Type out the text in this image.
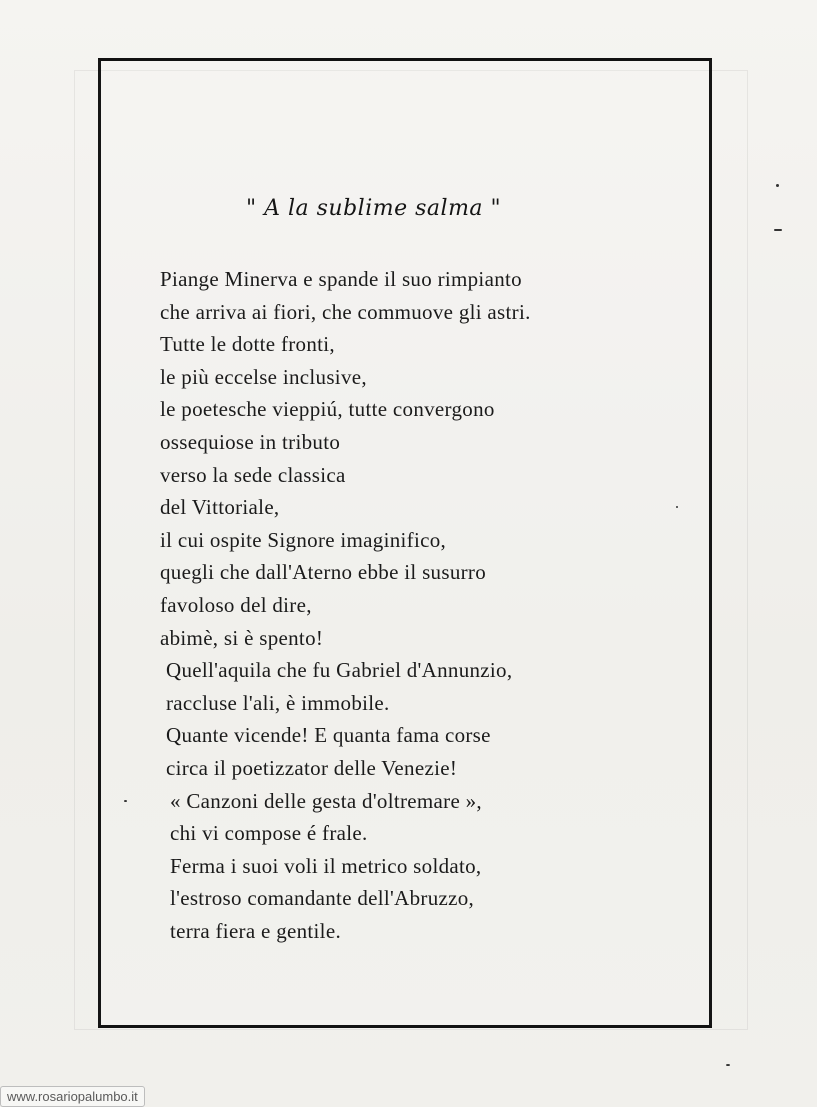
" A la sublime salma "
Piange Minerva e spande il suo rimpianto
che arriva ai fiori, che commuove gli astri.
Tutte le dotte fronti,
le più eccelse inclusive,
le poetesche vieppiú, tutte convergono
ossequiose in tributo
verso la sede classica
del Vittoriale,
il cui ospite Signore imaginifico,
quegli che dall'Aterno ebbe il susurro
favoloso del dire,
abimè, si è spento!
Quell'aquila che fu Gabriel d'Annunzio,
raccluse l'ali, è immobile.
Quante vicende! E quanta fama corse
circa il poetizzator delle Venezie!
« Canzoni delle gesta d'oltremare »,
chi vi compose é frale.
Ferma i suoi voli il metrico soldato,
l'estroso comandante dell'Abruzzo,
terra fiera e gentile.
www.rosariopalumbo.it
